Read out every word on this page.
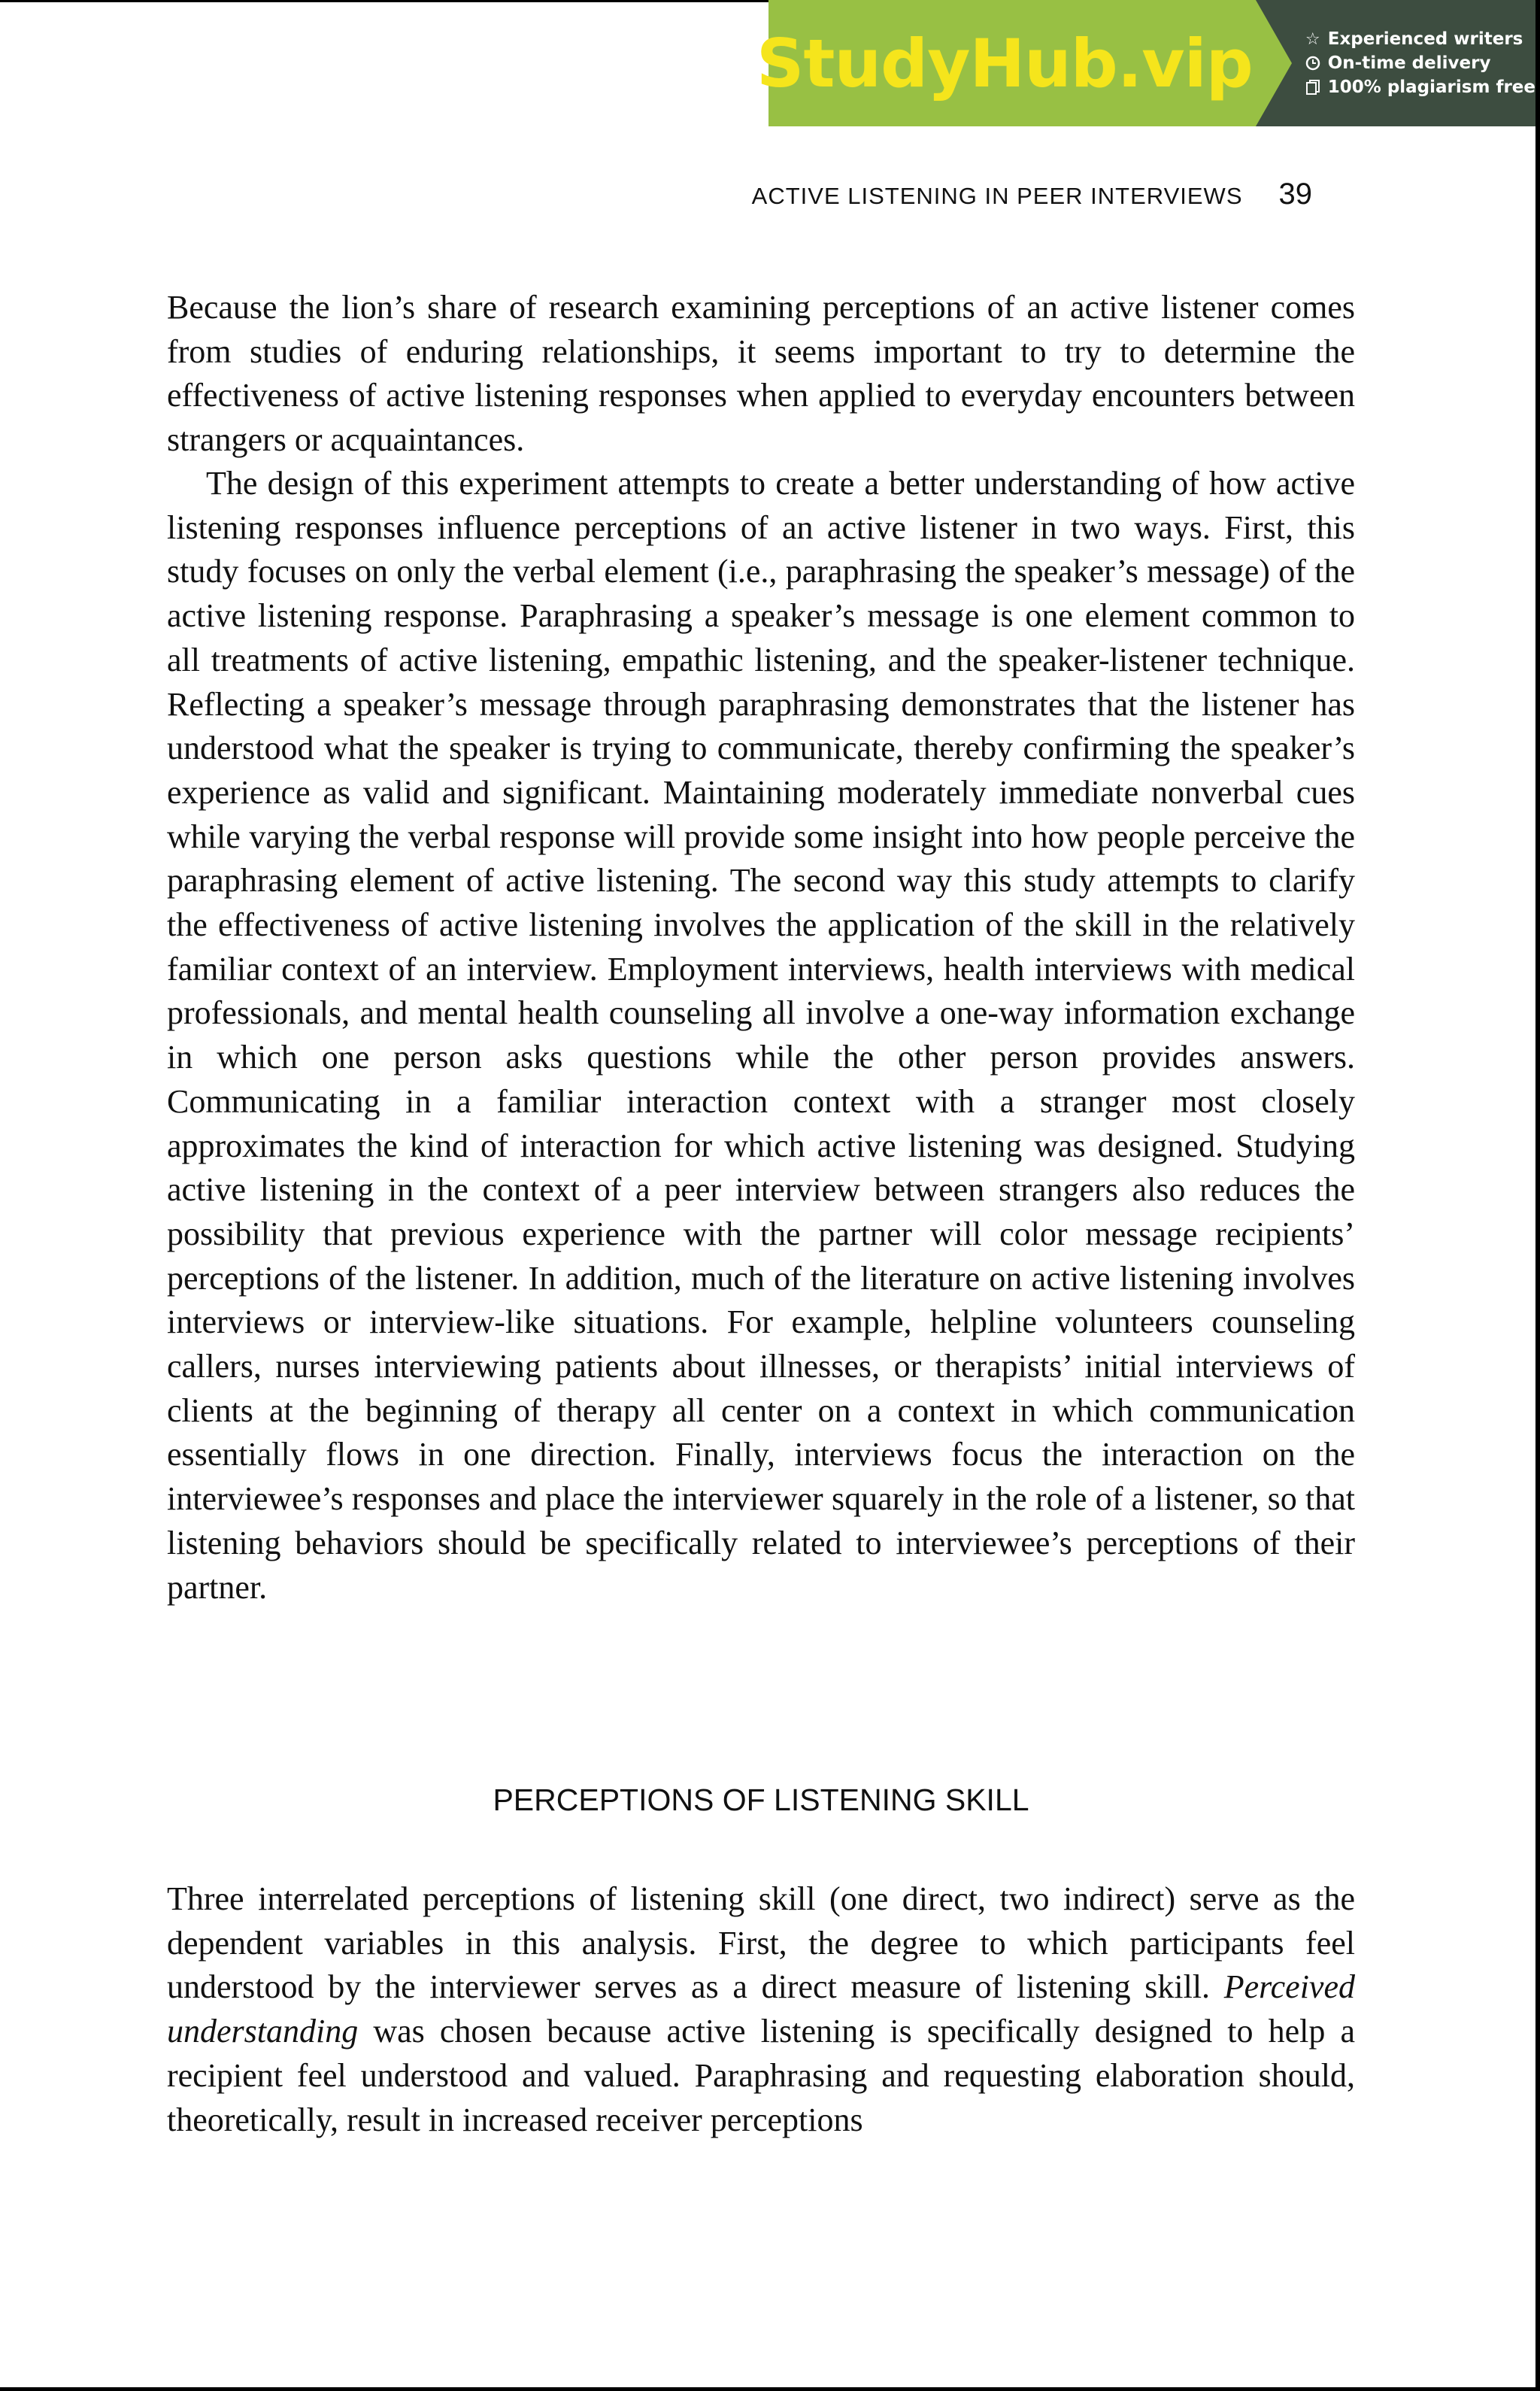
StudyHub.vip	☆ Experienced writers
On-time delivery
100% plagiarism free
ACTIVE LISTENING IN PEER INTERVIEWS 39

Because the lion’s share of research examining perceptions of an active listener comes from studies of enduring relationships, it seems important to try to determine the effectiveness of active listening responses when applied to everyday encounters between strangers or acquaintances.

The design of this experiment attempts to create a better understanding of how active listening responses influence perceptions of an active listener in two ways. First, this study focuses on only the verbal element (i.e., paraphrasing the speaker’s message) of the active listening response. Paraphrasing a speaker’s message is one element common to all treatments of active listening, empathic listening, and the speaker-listener technique. Reflecting a speaker’s message through paraphrasing demonstrates that the listener has understood what the speaker is trying to communicate, thereby confirming the speaker’s experience as valid and significant. Maintaining moderately immediate nonverbal cues while varying the verbal response will provide some insight into how people perceive the paraphrasing element of active listening. The second way this study attempts to clarify the effectiveness of active listening involves the application of the skill in the relatively familiar context of an interview. Employment interviews, health interviews with medical professionals, and mental health counseling all involve a one-way information exchange in which one person asks questions while the other person provides answers. Communicating in a familiar interaction context with a stranger most closely approximates the kind of interaction for which active listening was designed. Studying active listening in the context of a peer interview between strangers also reduces the possibility that previous experience with the partner will color message recipients’ perceptions of the listener. In addition, much of the literature on active listening involves interviews or interview-like situations. For example, helpline volunteers counseling callers, nurses interviewing patients about illnesses, or therapists’ initial interviews of clients at the beginning of therapy all center on a context in which communication essentially flows in one direction. Finally, interviews focus the interaction on the interviewee’s responses and place the interviewer squarely in the role of a listener, so that listening behaviors should be specifically related to interviewee’s perceptions of their partner.

PERCEPTIONS OF LISTENING SKILL

Three interrelated perceptions of listening skill (one direct, two indirect) serve as the dependent variables in this analysis. First, the degree to which participants feel understood by the interviewer serves as a direct measure of listening skill. Perceived understanding was chosen because active listening is specifically designed to help a recipient feel understood and valued. Paraphrasing and requesting elaboration should, theoretically, result in increased receiver perceptions
